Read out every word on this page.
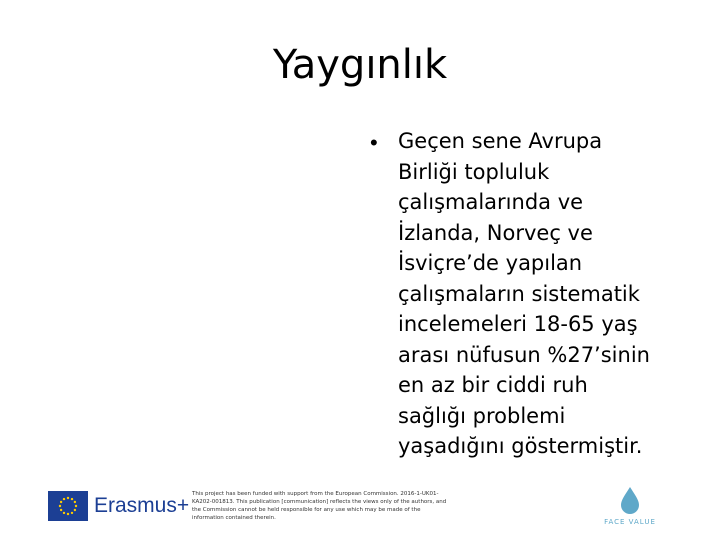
Yaygınlık
• Geçen sene Avrupa
Birliği topluluk
çalışmalarında ve
İzlanda, Norveç ve
İsviçre’de yapılan
çalışmaların sistematik
incelemeleri 18-65 yaş
arası nüfusun %27’sinin
en az bir ciddi ruh
sağlığı problemi
yaşadığını göstermiştir.
Erasmus+ This project has been funded with support from the European Commission. 2016-1-UK01-KA202-001813. This publication [communication] reflects the views only of the authors, and the Commission cannot be held responsible for any use which may be made of the information contained therein.	FACE VALUE
